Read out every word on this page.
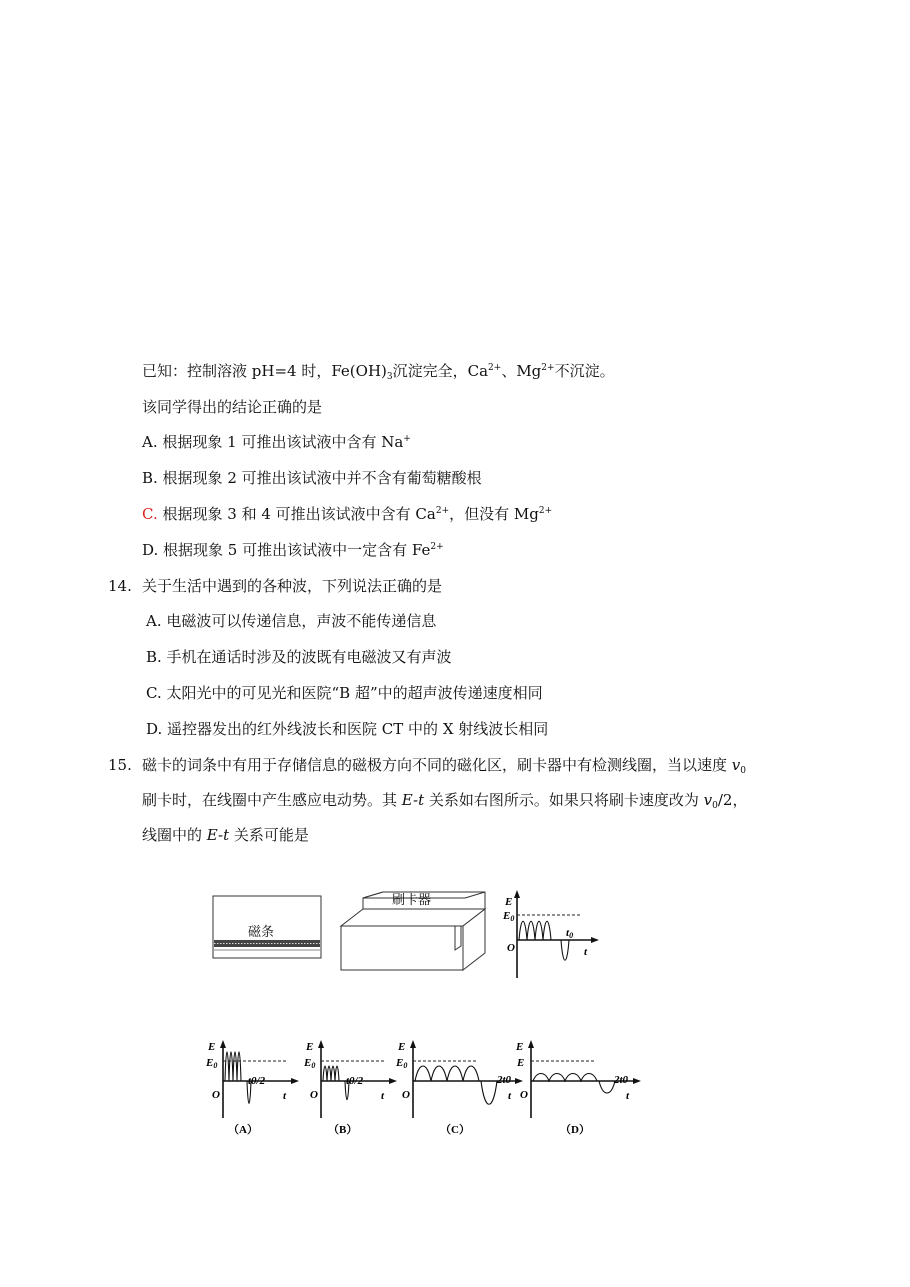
已知：控制溶液 pH=4 时，$Fe(OH)_3$沉淀完全，$Ca^{2+}$、$Mg^{2+}$不沉淀。
该同学得出的结论正确的是
A. 根据现象 1 可推出该试液中含有 Na+
B. 根据现象 2 可推出该试液中并不含有葡萄糖酸根
C. 根据现象 3 和 4 可推出该试液中含有 $Ca^{2+}$，但没有 $Mg^{2+}$
D. 根据现象 5 可推出该试液中一定含有 $Fe^{2+}$
14. 关于生活中遇到的各种波，下列说法正确的是
A. 电磁波可以传递信息，声波不能传递信息
B. 手机在通话时涉及的波既有电磁波又有声波
C. 太阳光中的可见光和医院“B 超”中的超声波传递速度相同
D. 遥控器发出的红外线波长和医院 CT 中的 X 射线波长相同
15. 磁卡的词条中有用于存储信息的磁极方向不同的磁化区，刷卡器中有检测线圈，当以速度 $v_0$
刷卡时，在线圈中产生感应电动势。其 E-t 关系如右图所示。如果只将刷卡速度改为 $v_0/2$，
线圈中的 E-t 关系可能是
磁条
刷卡器	E
E0
O
t0
t
E
E0
O
t0/2
t
（A）
E
E0
O
t0/2
t
（B）
E
E0
O
2t0
t
（C）
E
E
O
2t0
t
（D）
